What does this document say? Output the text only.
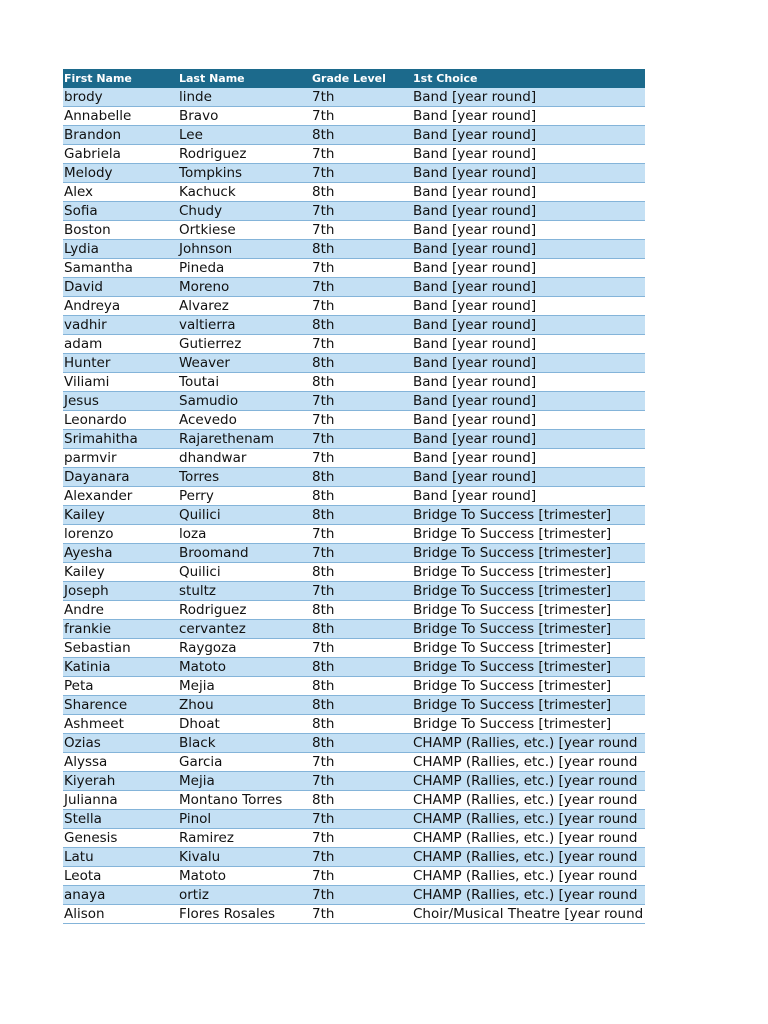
First Name	Last Name	Grade Level	1st Choice
brody	linde	7th	Band [year round]
Annabelle	Bravo	7th	Band [year round]
Brandon	Lee	8th	Band [year round]
Gabriela	Rodriguez	7th	Band [year round]
Melody	Tompkins	7th	Band [year round]
Alex	Kachuck	8th	Band [year round]
Sofia	Chudy	7th	Band [year round]
Boston	Ortkiese	7th	Band [year round]
Lydia	Johnson	8th	Band [year round]
Samantha	Pineda	7th	Band [year round]
David	Moreno	7th	Band [year round]
Andreya	Alvarez	7th	Band [year round]
vadhir	valtierra	8th	Band [year round]
adam	Gutierrez	7th	Band [year round]
Hunter	Weaver	8th	Band [year round]
Viliami	Toutai	8th	Band [year round]
Jesus	Samudio	7th	Band [year round]
Leonardo	Acevedo	7th	Band [year round]
Srimahitha	Rajarethenam	7th	Band [year round]
parmvir	dhandwar	7th	Band [year round]
Dayanara	Torres	8th	Band [year round]
Alexander	Perry	8th	Band [year round]
Kailey	Quilici	8th	Bridge To Success [trimester]
lorenzo	loza	7th	Bridge To Success [trimester]
Ayesha	Broomand	7th	Bridge To Success [trimester]
Kailey	Quilici	8th	Bridge To Success [trimester]
Joseph	stultz	7th	Bridge To Success [trimester]
Andre	Rodriguez	8th	Bridge To Success [trimester]
frankie	cervantez	8th	Bridge To Success [trimester]
Sebastian	Raygoza	7th	Bridge To Success [trimester]
Katinia	Matoto	8th	Bridge To Success [trimester]
Peta	Mejia	8th	Bridge To Success [trimester]
Sharence	Zhou	8th	Bridge To Success [trimester]
Ashmeet	Dhoat	8th	Bridge To Success [trimester]
Ozias	Black	8th	CHAMP (Rallies, etc.) [year round
Alyssa	Garcia	7th	CHAMP (Rallies, etc.) [year round
Kiyerah	Mejia	7th	CHAMP (Rallies, etc.) [year round
Julianna	Montano Torres	8th	CHAMP (Rallies, etc.) [year round
Stella	Pinol	7th	CHAMP (Rallies, etc.) [year round
Genesis	Ramirez	7th	CHAMP (Rallies, etc.) [year round
Latu	Kivalu	7th	CHAMP (Rallies, etc.) [year round
Leota	Matoto	7th	CHAMP (Rallies, etc.) [year round
anaya	ortiz	7th	CHAMP (Rallies, etc.) [year round
Alison	Flores Rosales	7th	Choir/Musical Theatre [year round
